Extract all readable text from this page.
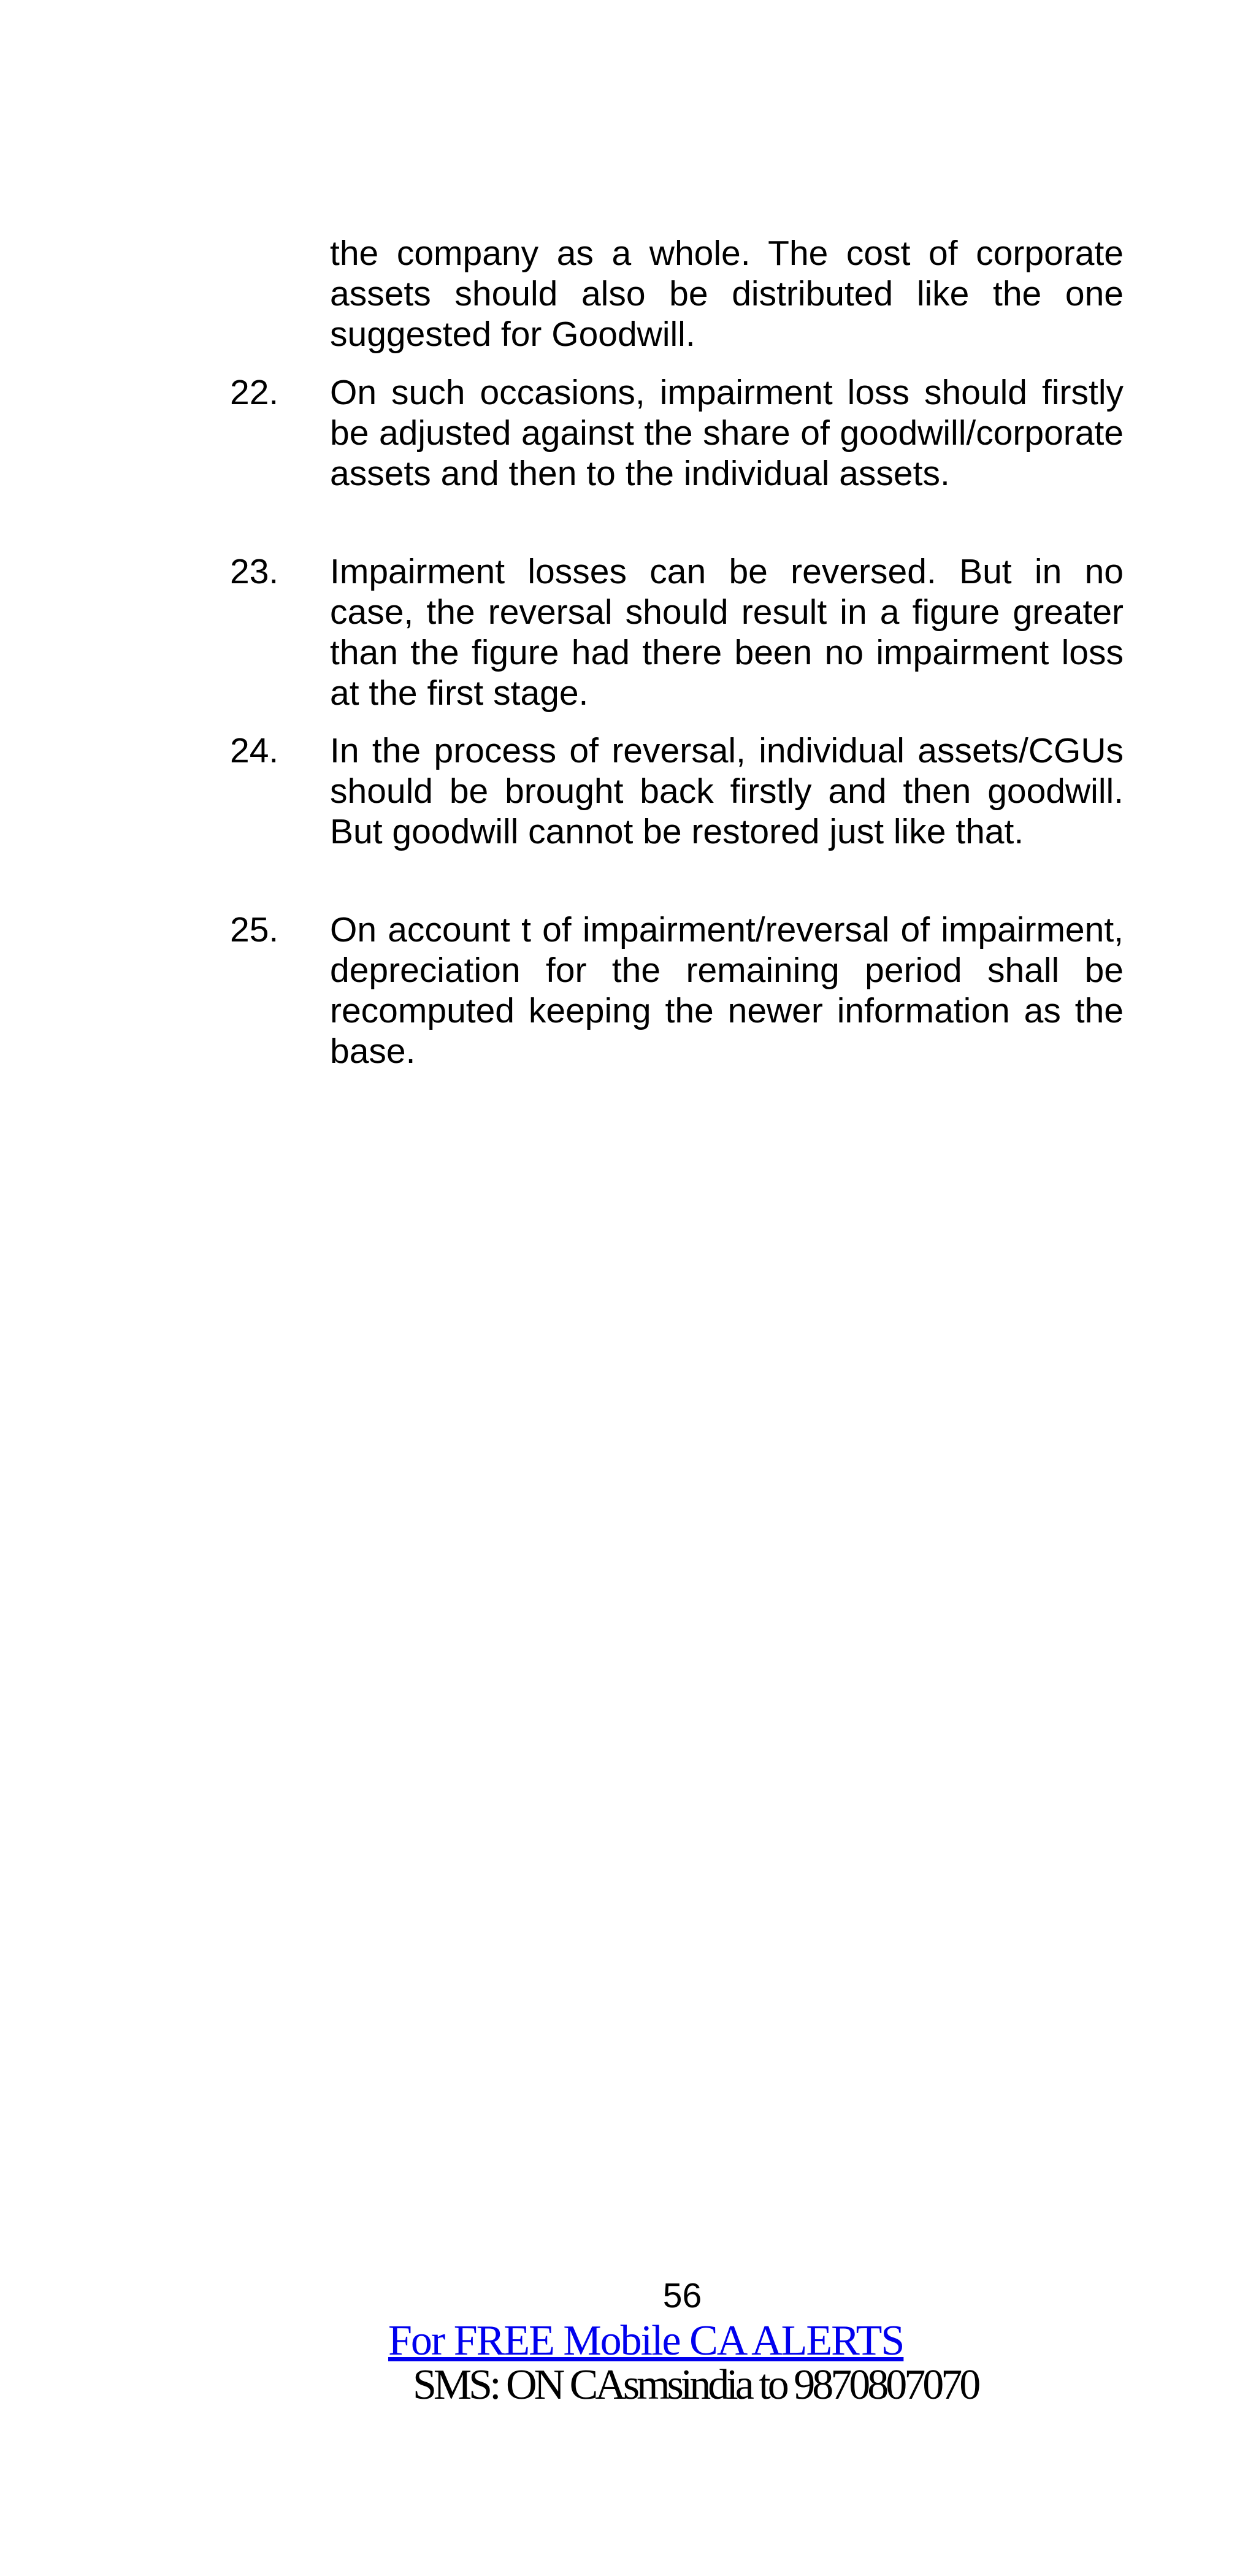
the company as a whole. The cost of corporate assets should also be distributed like the one suggested for Goodwill.

22. On such occasions, impairment loss should firstly be adjusted against the share of goodwill/corporate assets and then to the individual assets.

23. Impairment losses can be reversed. But in no case, the reversal should result in a figure greater than the figure had there been no impairment loss at the first stage.

24. In the process of reversal, individual assets/CGUs should be brought back firstly and then goodwill. But goodwill cannot be restored just like that.

25. On account t of impairment/reversal of impairment, depreciation for the remaining period shall be recomputed keeping the newer information as the base.

56
For FREE Mobile CA ALERTS
SMS: ON CAsmsindia to 9870807070
